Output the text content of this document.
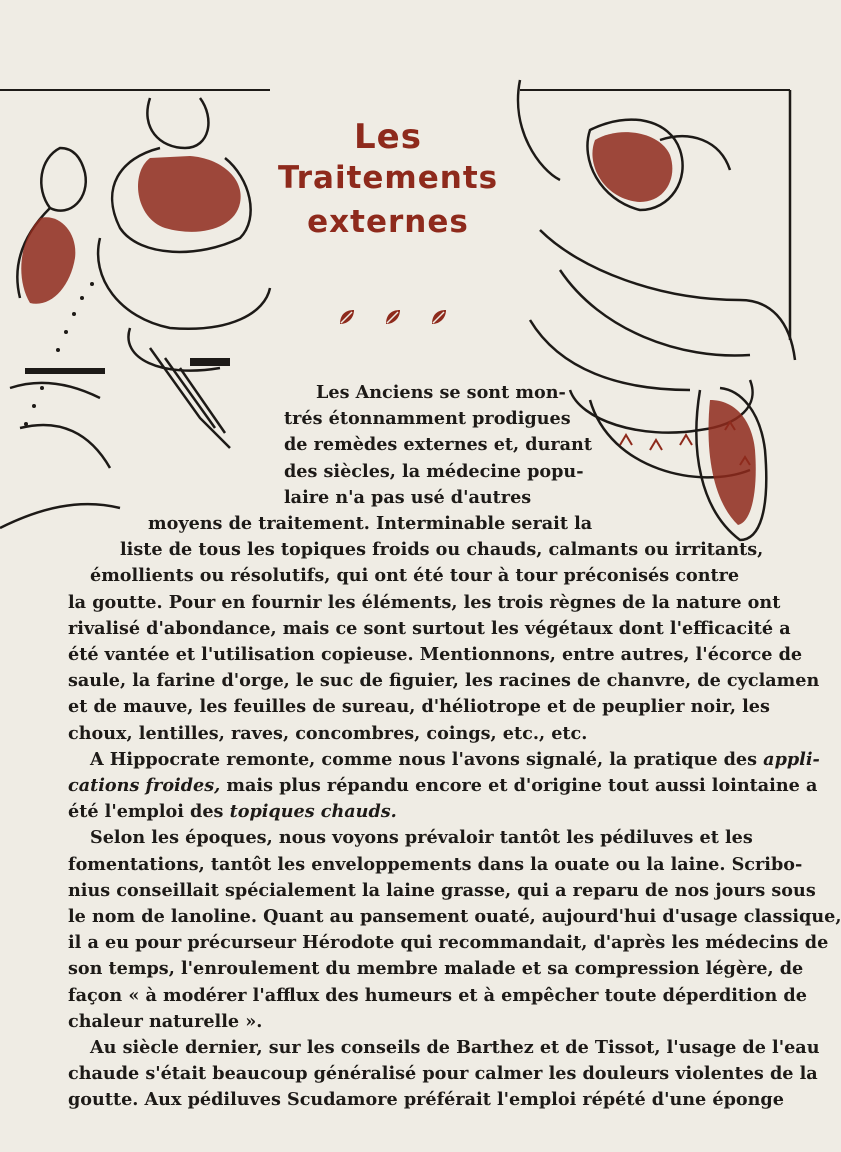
Les
Traitements
externes
Les Anciens se sont mon-
trés étonnamment prodigues
de remèdes externes et, durant
des siècles, la médecine popu-
laire n'a pas usé d'autres
moyens de traitement. Interminable serait la
liste de tous les topiques froids ou chauds, calmants ou irritants,
émollients ou résolutifs, qui ont été tour à tour préconisés contre
la goutte. Pour en fournir les éléments, les trois règnes de la nature ont
rivalisé d'abondance, mais ce sont surtout les végétaux dont l'efficacité a
été vantée et l'utilisation copieuse. Mentionnons, entre autres, l'écorce de
saule, la farine d'orge, le suc de figuier, les racines de chanvre, de cyclamen
et de mauve, les feuilles de sureau, d'héliotrope et de peuplier noir, les
choux, lentilles, raves, concombres, coings, etc., etc.
A Hippocrate remonte, comme nous l'avons signalé, la pratique des appli-
cations froides, mais plus répandu encore et d'origine tout aussi lointaine a
été l'emploi des topiques chauds.
Selon les époques, nous voyons prévaloir tantôt les pédiluves et les
fomentations, tantôt les enveloppements dans la ouate ou la laine. Scribo-
nius conseillait spécialement la laine grasse, qui a reparu de nos jours sous
le nom de lanoline. Quant au pansement ouaté, aujourd'hui d'usage classique,
il a eu pour précurseur Hérodote qui recommandait, d'après les médecins de
son temps, l'enroulement du membre malade et sa compression légère, de
façon « à modérer l'afflux des humeurs et à empêcher toute déperdition de
chaleur naturelle ».
Au siècle dernier, sur les conseils de Barthez et de Tissot, l'usage de l'eau
chaude s'était beaucoup généralisé pour calmer les douleurs violentes de la
goutte. Aux pédiluves Scudamore préférait l'emploi répété d'une éponge
